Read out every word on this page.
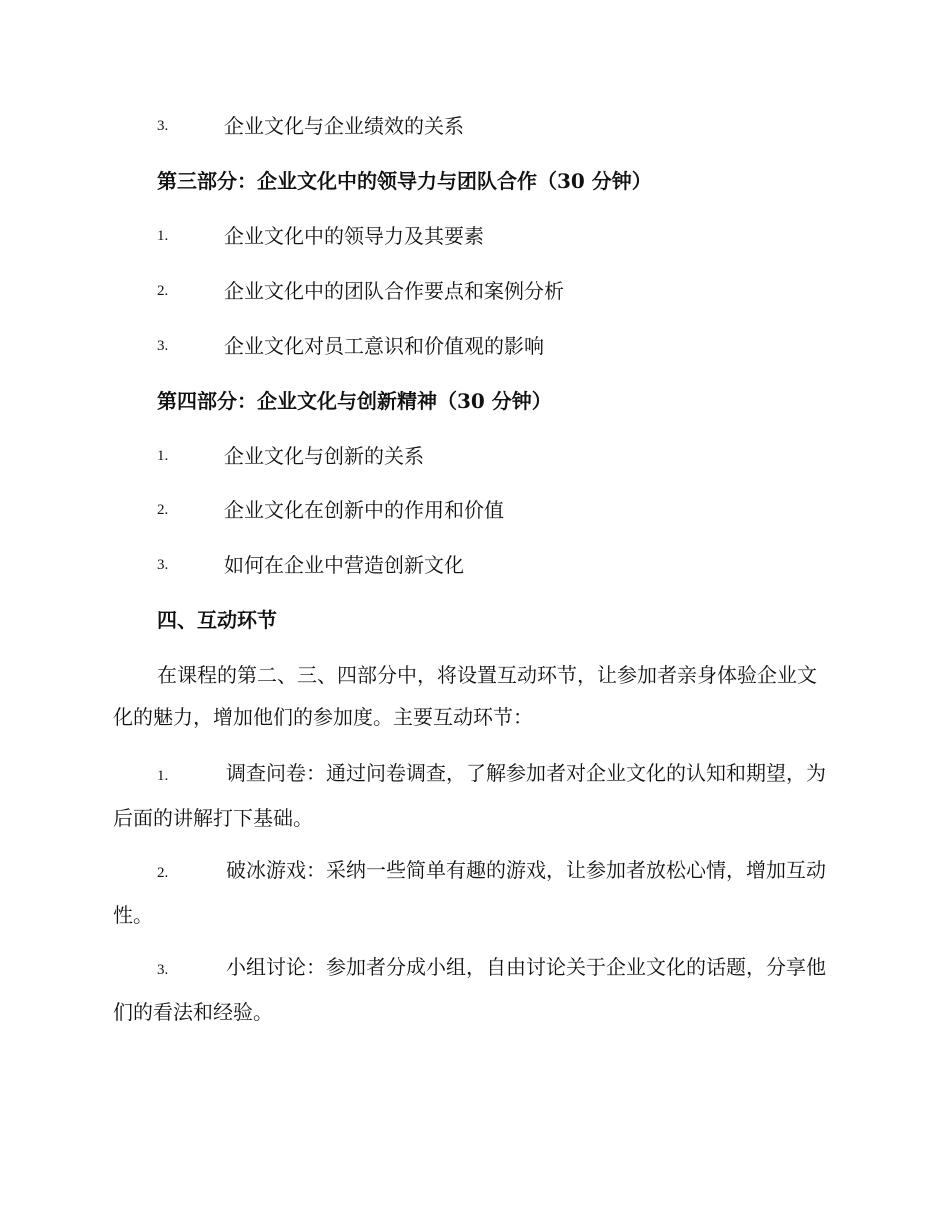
3.	企业文化与企业绩效的关系
第三部分：企业文化中的领导力与团队合作（30 分钟）
1.	企业文化中的领导力及其要素
2.	企业文化中的团队合作要点和案例分析
3.	企业文化对员工意识和价值观的影响
第四部分：企业文化与创新精神（30 分钟）
1.	企业文化与创新的关系
2.	企业文化在创新中的作用和价值
3.	如何在企业中营造创新文化
四、互动环节
在课程的第二、三、四部分中，将设置互动环节，让参加者亲身体验企业文化的魅力，增加他们的参加度。主要互动环节：
1.	调查问卷：通过问卷调查，了解参加者对企业文化的认知和期望，为后面的讲解打下基础。
2.	破冰游戏：采纳一些简单有趣的游戏，让参加者放松心情，增加互动性。
3.	小组讨论：参加者分成小组，自由讨论关于企业文化的话题，分享他们的看法和经验。
